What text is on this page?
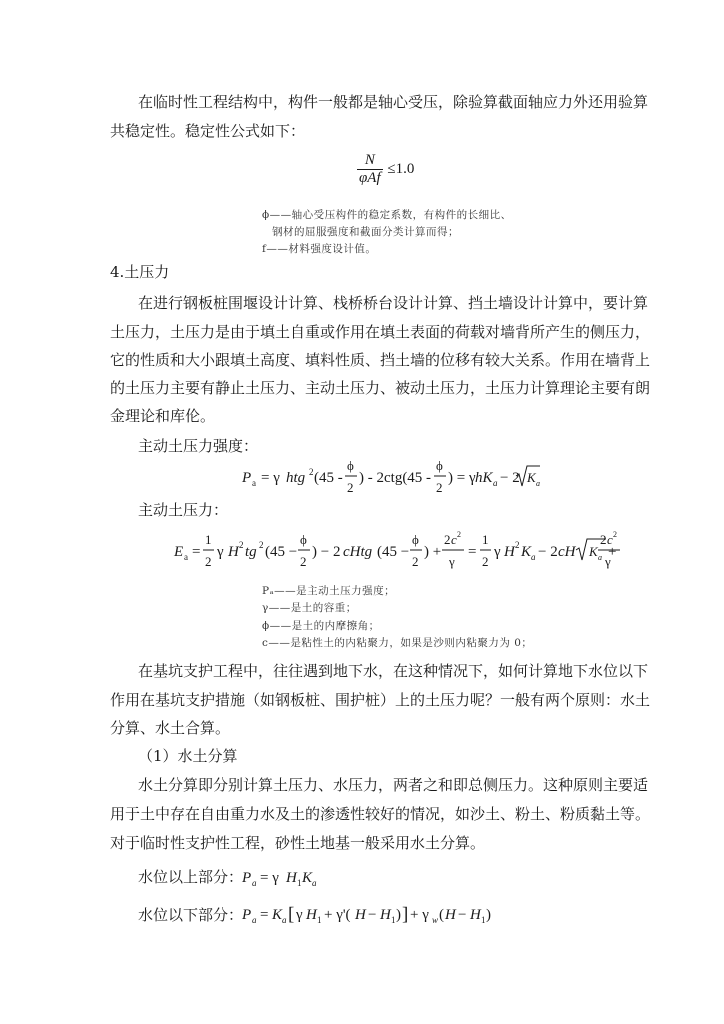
在临时性工程结构中，构件一般都是轴心受压，除验算截面轴应力外还用验算
共稳定性。稳定性公式如下：
$\frac{N}{\text{φAf}} \le 1.0$
ϕ——轴心受压构件的稳定系数，有构件的长细比、
钢材的屈服强度和截面分类计算而得；
f——材料强度设计值。
4.土压力
在进行钢板桩围堰设计计算、栈桥桥台设计计算、挡土墙设计计算中，要计算
土压力，土压力是由于填土自重或作用在填土表面的荷载对墙背所产生的侧压力，
它的性质和大小跟填土高度、填料性质、挡土墙的位移有较大关系。作用在墙背上
的土压力主要有静止土压力、主动土压力、被动土压力，土压力计算理论主要有朗
金理论和库伦。
主动土压力强度：
P a = γ htg 2 (45 -
ϕ
2
) - 2ctg(45 -
ϕ
2
) = γ hK a − 2 K a
主动土压力：
E a =
1
2
γ H 2 tg 2 (45 −
ϕ
2
) − 2 cHtg (45 −
ϕ
2
) +
2 c 2
γ
=
1
2
γ H 2 K a − 2 cH K a +
2 c 2
γ
Pₐ——是主动土压力强度；
γ——是土的容重；
ϕ——是土的内摩擦角；
c——是粘性土的内粘聚力，如果是沙则内粘聚力为 0；
在基坑支护工程中，往往遇到地下水，在这种情况下，如何计算地下水位以下
作用在基坑支护措施（如钢板桩、围护桩）上的土压力呢？一般有两个原则：水土
分算、水土合算。
（1）水土分算
水土分算即分别计算土压力、水压力，两者之和即总侧压力。这种原则主要适
用于土中存在自由重力水及土的渗透性较好的情况，如沙土、粉土、粉质黏土等。
对于临时性支护性工程，砂性土地基一般采用水土分算。
水位以上部分：
P a = γ H 1 K a
水位以下部分：
P a = K a [ γ H 1 + γ'( H − H 1 ) ] + γ w ( H − H 1 )
